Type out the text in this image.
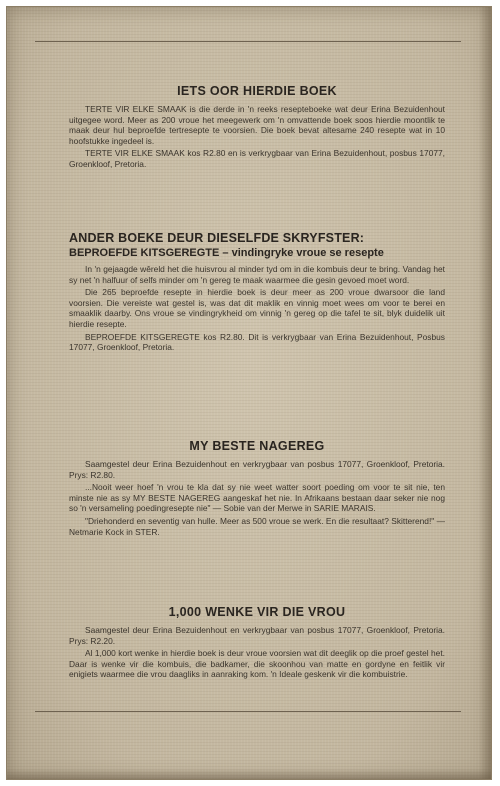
IETS OOR HIERDIE BOEK
TERTE VIR ELKE SMAAK is die derde in 'n reeks resepteboeke wat deur Erina Bezuidenhout uitgegee word. Meer as 200 vroue het meegewerk om 'n omvattende boek soos hierdie moontlik te maak deur hul beproefde tertresepte te voorsien. Die boek bevat altesame 240 resepte wat in 10 hoofstukke ingedeel is.
TERTE VIR ELKE SMAAK kos R2.80 en is verkrygbaar van Erina Bezuidenhout, posbus 17077, Groenkloof, Pretoria.
ANDER BOEKE DEUR DIESELFDE SKRYFSTER:
BEPROEFDE KITSGEREGTE – vindingryke vroue se resepte
In 'n gejaagde wêreld het die huisvrou al minder tyd om in die kombuis deur te bring. Vandag het sy net 'n halfuur of selfs minder om 'n gereg te maak waarmee die gesin gevoed moet word.
Die 265 beproefde resepte in hierdie boek is deur meer as 200 vroue dwarsoor die land voorsien. Die vereiste wat gestel is, was dat dit maklik en vinnig moet wees om voor te berei en smaaklik daarby. Ons vroue se vindingrykheid om vinnig 'n gereg op die tafel te sit, blyk duidelik uit hierdie resepte.
BEPROEFDE KITSGEREGTE kos R2.80. Dit is verkrygbaar van Erina Bezuidenhout, Posbus 17077, Groenkloof, Pretoria.
MY BESTE NAGEREG
Saamgestel deur Erina Bezuidenhout en verkrygbaar van posbus 17077, Groenkloof, Pretoria. Prys: R2.80.
...Nooit weer hoef 'n vrou te kla dat sy nie weet watter soort poeding om voor te sit nie, ten minste nie as sy MY BESTE NAGEREG aangeskaf het nie. In Afrikaans bestaan daar seker nie nog so 'n versameling poedingresepte nie" — Sobie van der Merwe in SARIE MARAIS.
"Driehonderd en seventig van hulle. Meer as 500 vroue se werk. En die resultaat? Skitterend!" — Netmarie Kock in STER.
1,000 WENKE VIR DIE VROU
Saamgestel deur Erina Bezuidenhout en verkrygbaar van posbus 17077, Groenkloof, Pretoria. Prys: R2.20.
Al 1,000 kort wenke in hierdie boek is deur vroue voorsien wat dit deeglik op die proef gestel het. Daar is wenke vir die kombuis, die badkamer, die skoonhou van matte en gordyne en feitlik vir enigiets waarmee die vrou daagliks in aanraking kom. 'n Ideale geskenk vir die kombuistrie.
